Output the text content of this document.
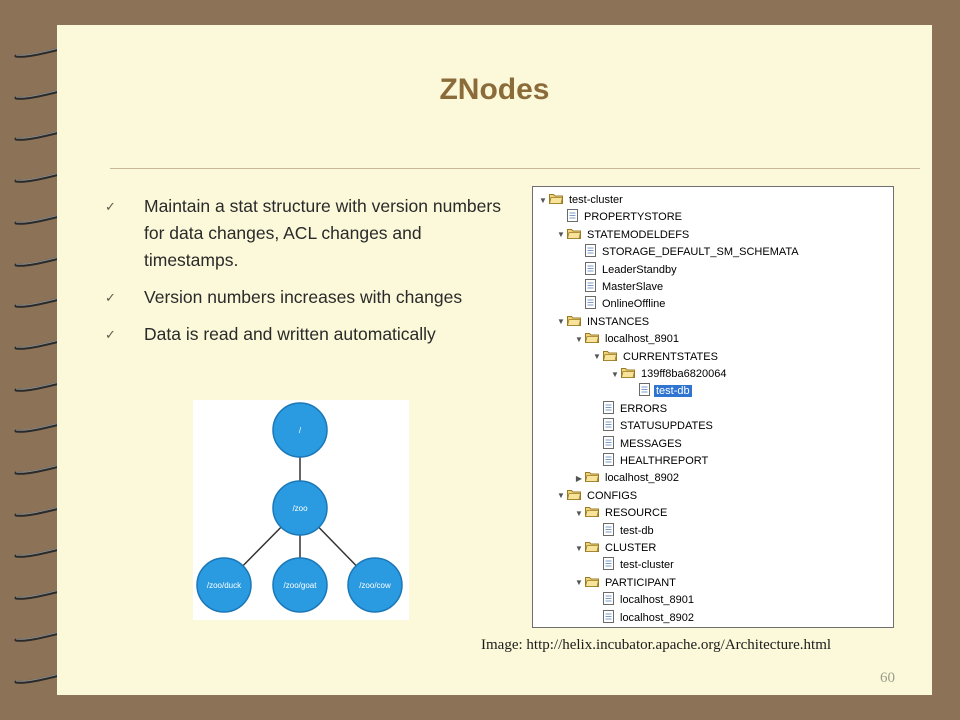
ZNodes
✓ Maintain a stat structure with version numbers for data changes, ACL changes and timestamps.
✓ Version numbers increases with changes
✓ Data is read and written automatically
/
/zoo
/zoo/duck	/zoo/goat	/zoo/cow
▼ test-cluster
PROPERTYSTORE
▼ STATEMODELDEFS
STORAGE_DEFAULT_SM_SCHEMATA
LeaderStandby
MasterSlave
OnlineOffline
▼ INSTANCES
▼ localhost_8901
▼ CURRENTSTATES
▼ 139ff8ba6820064
test-db
ERRORS
STATUSUPDATES
MESSAGES
HEALTHREPORT
▶ localhost_8902
▼ CONFIGS
▼ RESOURCE
test-db
▼ CLUSTER
test-cluster
▼ PARTICIPANT
localhost_8901
localhost_8902
Image: http://helix.incubator.apache.org/Architecture.html
60
